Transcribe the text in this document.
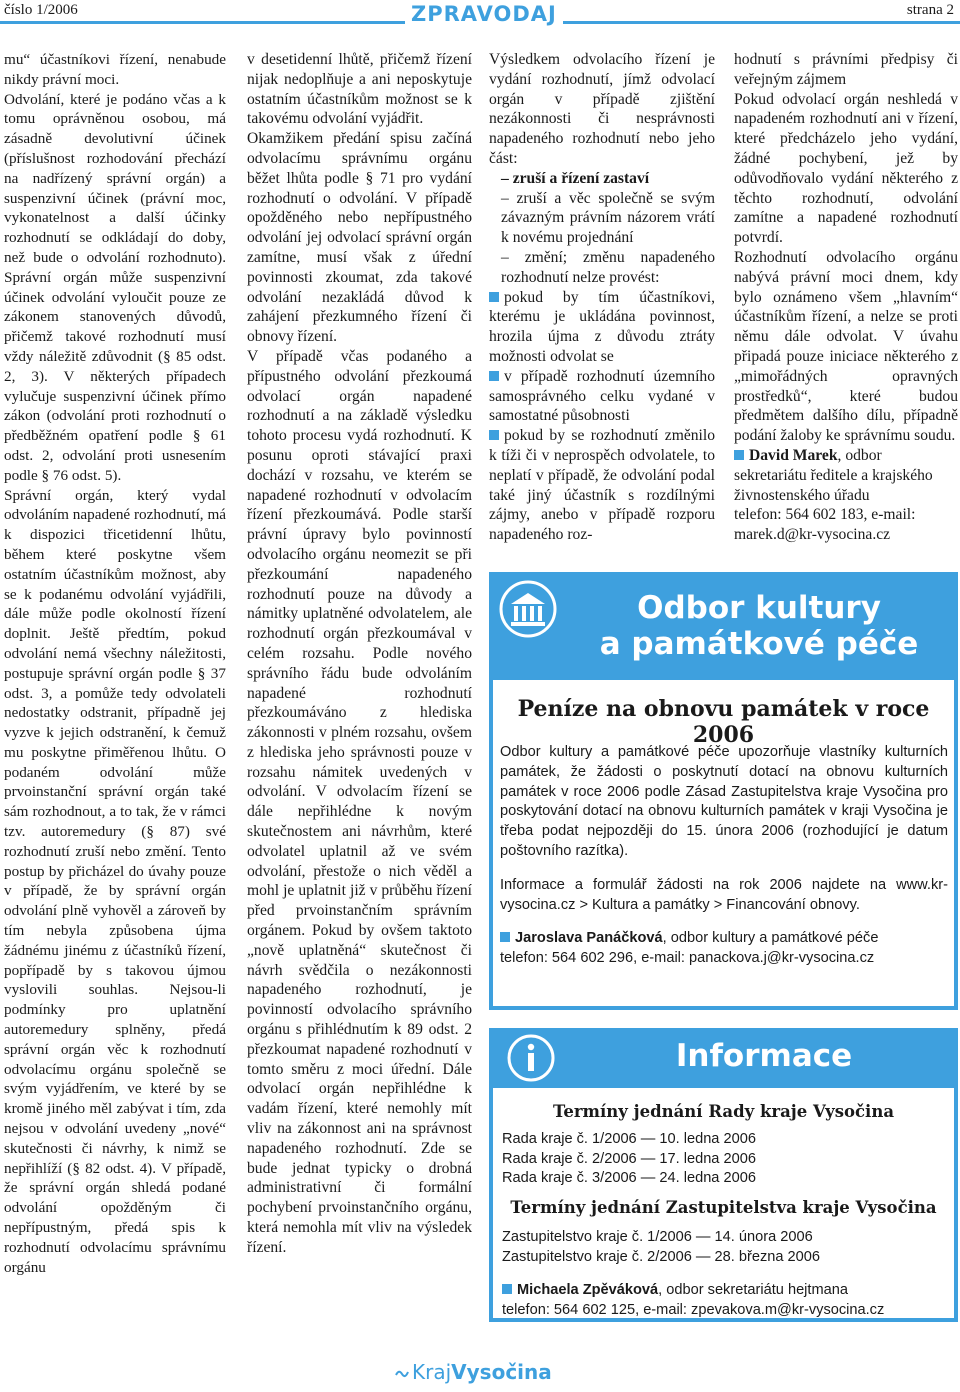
číslo 1/2006	ZPRAVODAJ	strana 2

mu“ účastníkovi řízení, nenabude nikdy právní moci.

Odvolání, které je podáno včas a k tomu oprávněnou osobou, má zásadně devolutivní účinek (příslušnost rozhodování přechází na nadřízený správní orgán) a suspenzivní účinek (právní moc, vykonatelnost a další účinky rozhodnutí se odkládají do doby, než bude o odvolání rozhodnuto). Správní orgán může suspenzivní účinek odvolání vyloučit pouze ze zákonem stanovených důvodů, přičemž takové rozhodnutí musí vždy náležitě zdůvodnit (§ 85 odst. 2, 3). V některých případech vylučuje suspenzivní účinek přímo zákon (odvolání proti rozhodnutí o předběžném opatření podle § 61 odst. 2, odvolání proti usnesením podle § 76 odst. 5).

Správní orgán, který vydal odvoláním napadené rozhodnutí, má k dispozici třicetidenní lhůtu, během které poskytne všem ostatním účastníkům možnost, aby se k podanému odvolání vyjádřili, dále může podle okolností řízení doplnit. Ještě předtím, pokud odvolání nemá všechny náležitosti, postupuje správní orgán podle § 37 odst. 3, a pomůže tedy odvolateli nedostatky odstranit, případně jej vyzve k jejich odstranění, k čemuž mu poskytne přiměřenou lhůtu. O podaném odvolání může prvoinstanční správní orgán také sám rozhodnout, a to tak, že v rámci tzv. autoremedury (§ 87) své rozhodnutí zruší nebo změní. Tento postup by přicházel do úvahy pouze v případě, že by správní orgán odvolání plně vyhověl a zároveň by tím nebyla způsobena újma žádnému jinému z účastníků řízení, popřípadě by s takovou újmou vyslovili souhlas. Nejsou-li podmínky pro uplatnění autoremedury splněny, předá správní orgán věc k rozhodnutí odvolacímu orgánu společně se svým vyjádřením, ve které by se kromě jiného měl zabývat i tím, zda nejsou v odvolání uvedeny „nové“ skutečnosti či návrhy, k nimž se nepřihlíží (§ 82 odst. 4). V případě, že správní orgán shledá podané odvolání opožděným či nepřípustným, předá spis k rozhodnutí odvolacímu správnímu orgánu

v desetidenní lhůtě, přičemž řízení nijak nedoplňuje a ani neposkytuje ostatním účastníkům možnost se k takovému odvolání vyjádřit.

Okamžikem předání spisu začíná odvolacímu správnímu orgánu běžet lhůta podle § 71 pro vydání rozhodnutí o odvolání. V případě opožděného nebo nepřípustného odvolání jej odvolací správní orgán zamítne, musí však z úřední povinnosti zkoumat, zda takové odvolání nezakládá důvod k zahájení přezkumného řízení či obnovy řízení.

V případě včas podaného a přípustného odvolání přezkoumá odvolací orgán napadené rozhodnutí a na základě výsledku tohoto procesu vydá rozhodnutí. K posunu oproti stávající praxi dochází v rozsahu, ve kterém se napadené rozhodnutí v odvolacím řízení přezkoumává. Podle starší právní úpravy bylo povinností odvolacího orgánu neomezit se při přezkoumání napadeného rozhodnutí pouze na důvody a námitky uplatněné odvolatelem, ale rozhodnutí orgán přezkoumával v celém rozsahu. Podle nového správního řádu bude odvoláním napadené rozhodnutí přezkoumáváno z hlediska zákonnosti v plném rozsahu, ovšem z hlediska jeho správnosti pouze v rozsahu námitek uvedených v odvolání. V odvolacím řízení se dále nepřihlédne k novým skutečnostem ani návrhům, které odvolatel uplatnil až ve svém odvolání, přestože o nich věděl a mohl je uplatnit již v průběhu řízení před prvoinstančním správním orgánem. Pokud by ovšem taktoto „nově uplatněná“ skutečnost či návrh svědčila o nezákonnosti napadeného rozhodnutí, je povinností odvolacího správního orgánu s přihlédnutím k 89 odst. 2 přezkoumat napadené rozhodnutí v tomto směru z moci úřední. Dále odvolací orgán nepřihlédne k vadám řízení, které nemohly mít vliv na zákonnost ani na správnost napadeného rozhodnutí. Zde se bude jednat typicky o drobná administrativní či formální pochybení prvoinstančního orgánu, která nemohla mít vliv na výsledek řízení.

Výsledkem odvolacího řízení je vydání rozhodnutí, jímž odvolací orgán v případě zjištění nezákonnosti či nesprávnosti napadeného rozhodnutí nebo jeho část:

– zruší a řízení zastaví

– zruší a věc společně se svým závazným právním názorem vrátí k novému projednání

– změní; změnu napadeného rozhodnutí nelze provést:

pokud by tím účastníkovi, kterému je ukládána povinnost, hrozila újma z důvodu ztráty možnosti odvolat se

v případě rozhodnutí územního samosprávného celku vydané v samostatné působnosti

pokud by se rozhodnutí změnilo k tíži či v neprospěch odvolatele, to neplatí v případě, že odvolání podal také jiný účastník s rozdílnými zájmy, anebo v případě rozporu napadeného roz-

hodnutí s právními předpisy či veřejným zájmem

Pokud odvolací orgán neshledá v napadeném rozhodnutí ani v řízení, které předcházelo jeho vydání, žádné pochybení, jež by odůvodňovalo vydání některého z těchto rozhodnutí, odvolání zamítne a napadené rozhodnutí potvrdí.

Rozhodnutí odvolacího orgánu nabývá právní moci dnem, kdy bylo oznámeno všem „hlavním“ účastníkům řízení, a nelze se proti němu dále odvolat. V úvahu připadá pouze iniciace některého z „mimořádných opravných prostředků“, které budou předmětem dalšího dílu, případně podání žaloby ke správnímu soudu.

David Marek, odbor sekretariátu ředitele a krajského živnostenského úřadu

telefon: 564 602 183, e-mail: marek.d@kr-vysocina.cz

Odbor kultury
a památkové péče
Peníze na obnovu památek v roce 2006

Odbor kultury a památkové péče upozorňuje vlastníky kulturních památek, že žádosti o poskytnutí dotací na obnovu kulturních památek v roce 2006 podle Zásad Zastupitelstva kraje Vysočina pro poskytování dotací na obnovu kulturních památek v kraji Vysočina je třeba podat nejpozději do 15. února 2006 (rozhodující je datum poštovního razítka).

Informace a formulář žádosti na rok 2006 najdete na www.kr-vysocina.cz > Kultura a památky > Financování obnovy.

Jaroslava Panáčková, odbor kultury a památkové péče
telefon: 564 602 296, e-mail: panackova.j@kr-vysocina.cz
Informace
Termíny jednání Rady kraje Vysočina
Rada kraje č. 1/2006 — 10. ledna 2006
Rada kraje č. 2/2006 — 17. ledna 2006
Rada kraje č. 3/2006 — 24. ledna 2006
Termíny jednání Zastupitelstva kraje Vysočina
Zastupitelstvo kraje č. 1/2006 — 14. února 2006
Zastupitelstvo kraje č. 2/2006 — 28. března 2006
Michaela Zpěváková, odbor sekretariátu hejtmana
telefon: 564 602 125, e-mail: zpevakova.m@kr-vysocina.cz
KrajVysočina
